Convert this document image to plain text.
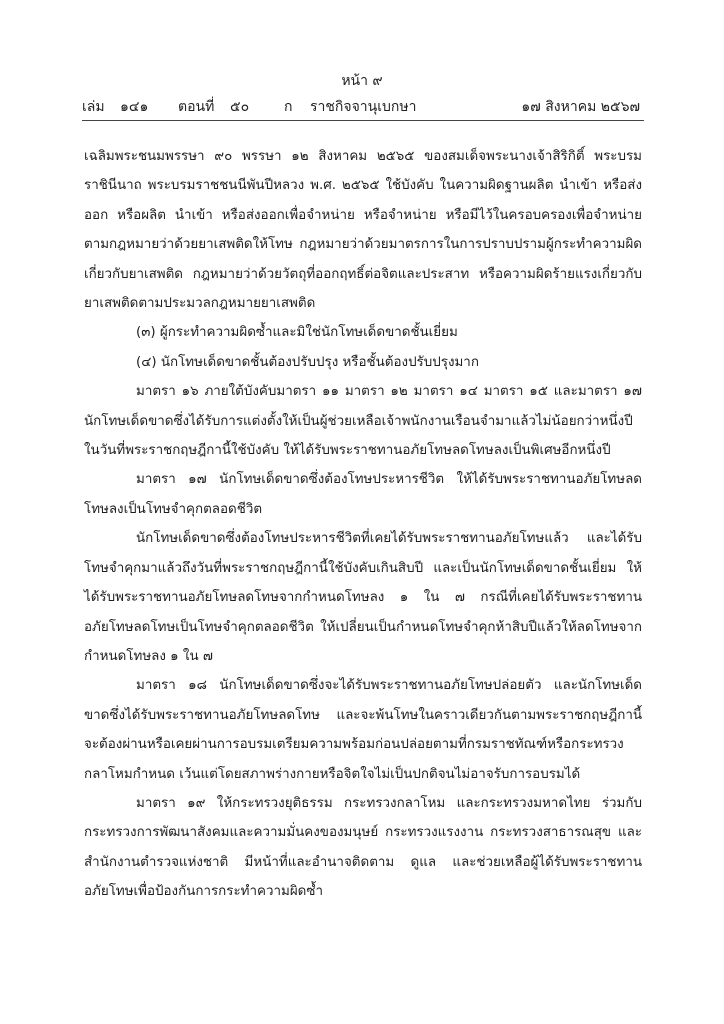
หน้า ๙
เล่ม ๑๔๑ ตอนที่ ๕๐ ก ราชกิจจานุเบกษา	๑๗ สิงหาคม ๒๕๖๗

เฉลิมพระชนมพรรษา ๙๐ พรรษา ๑๒ สิงหาคม ๒๕๖๕ ของสมเด็จพระนางเจ้าสิริกิติ์ พระบรมราชินีนาถ พระบรมราชชนนีพันปีหลวง พ.ศ. ๒๕๖๕ ใช้บังคับ ในความผิดฐานผลิต นำเข้า หรือส่งออก หรือผลิต นำเข้า หรือส่งออกเพื่อจำหน่าย หรือจำหน่าย หรือมีไว้ในครอบครองเพื่อจำหน่าย ตามกฎหมายว่าด้วยยาเสพติดให้โทษ กฎหมายว่าด้วยมาตรการในการปราบปรามผู้กระทำความผิดเกี่ยวกับยาเสพติด กฎหมายว่าด้วยวัตถุที่ออกฤทธิ์ต่อจิตและประสาท หรือความผิดร้ายแรงเกี่ยวกับยาเสพติดตามประมวลกฎหมายยาเสพติด

(๓) ผู้กระทำความผิดซ้ำและมิใช่นักโทษเด็ดขาดชั้นเยี่ยม

(๔) นักโทษเด็ดขาดชั้นต้องปรับปรุง หรือชั้นต้องปรับปรุงมาก

มาตรา ๑๖ ภายใต้บังคับมาตรา ๑๑ มาตรา ๑๒ มาตรา ๑๔ มาตรา ๑๕ และมาตรา ๑๗ นักโทษเด็ดขาดซึ่งได้รับการแต่งตั้งให้เป็นผู้ช่วยเหลือเจ้าพนักงานเรือนจำมาแล้วไม่น้อยกว่าหนึ่งปี ในวันที่พระราชกฤษฎีกานี้ใช้บังคับ ให้ได้รับพระราชทานอภัยโทษลดโทษลงเป็นพิเศษอีกหนึ่งปี

มาตรา ๑๗ นักโทษเด็ดขาดซึ่งต้องโทษประหารชีวิต ให้ได้รับพระราชทานอภัยโทษลดโทษลงเป็นโทษจำคุกตลอดชีวิต

นักโทษเด็ดขาดซึ่งต้องโทษประหารชีวิตที่เคยได้รับพระราชทานอภัยโทษแล้ว และได้รับโทษจำคุกมาแล้วถึงวันที่พระราชกฤษฎีกานี้ใช้บังคับเกินสิบปี และเป็นนักโทษเด็ดขาดชั้นเยี่ยม ให้ได้รับพระราชทานอภัยโทษลดโทษจากกำหนดโทษลง ๑ ใน ๗ กรณีที่เคยได้รับพระราชทานอภัยโทษลดโทษเป็นโทษจำคุกตลอดชีวิต ให้เปลี่ยนเป็นกำหนดโทษจำคุกห้าสิบปีแล้วให้ลดโทษจากกำหนดโทษลง ๑ ใน ๗

มาตรา ๑๘ นักโทษเด็ดขาดซึ่งจะได้รับพระราชทานอภัยโทษปล่อยตัว และนักโทษเด็ดขาดซึ่งได้รับพระราชทานอภัยโทษลดโทษ และจะพ้นโทษในคราวเดียวกันตามพระราชกฤษฎีกานี้จะต้องผ่านหรือเคยผ่านการอบรมเตรียมความพร้อมก่อนปล่อยตามที่กรมราชทัณฑ์หรือกระทรวงกลาโหมกำหนด เว้นแต่โดยสภาพร่างกายหรือจิตใจไม่เป็นปกติจนไม่อาจรับการอบรมได้

มาตรา ๑๙ ให้กระทรวงยุติธรรม กระทรวงกลาโหม และกระทรวงมหาดไทย ร่วมกับกระทรวงการพัฒนาสังคมและความมั่นคงของมนุษย์ กระทรวงแรงงาน กระทรวงสาธารณสุข และสำนักงานตำรวจแห่งชาติ มีหน้าที่และอำนาจติดตาม ดูแล และช่วยเหลือผู้ได้รับพระราชทานอภัยโทษเพื่อป้องกันการกระทำความผิดซ้ำ
